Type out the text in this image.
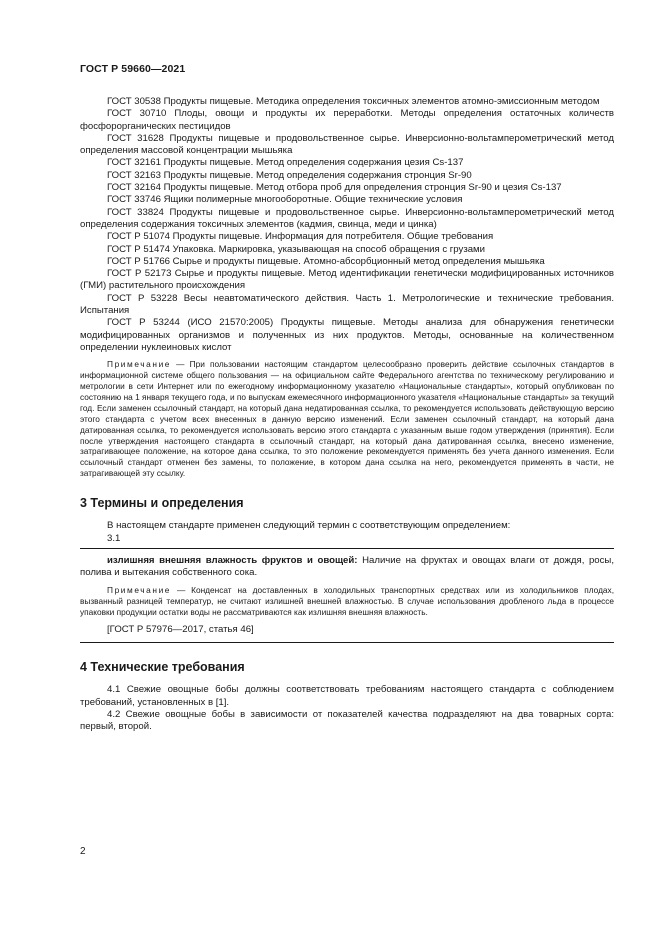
ГОСТ Р 59660—2021

ГОСТ 30538 Продукты пищевые. Методика определения токсичных элементов атомно-эмиссионным методом

ГОСТ 30710 Плоды, овощи и продукты их переработки. Методы определения остаточных количеств фосфорорганических пестицидов

ГОСТ 31628 Продукты пищевые и продовольственное сырье. Инверсионно-вольтамперометрический метод определения массовой концентрации мышьяка

ГОСТ 32161 Продукты пищевые. Метод определения содержания цезия Cs-137

ГОСТ 32163 Продукты пищевые. Метод определения содержания стронция Sr-90

ГОСТ 32164 Продукты пищевые. Метод отбора проб для определения стронция Sr-90 и цезия Cs-137

ГОСТ 33746 Ящики полимерные многооборотные. Общие технические условия

ГОСТ 33824 Продукты пищевые и продовольственное сырье. Инверсионно-вольтамперометрический метод определения содержания токсичных элементов (кадмия, свинца, меди и цинка)

ГОСТ Р 51074 Продукты пищевые. Информация для потребителя. Общие требования

ГОСТ Р 51474 Упаковка. Маркировка, указывающая на способ обращения с грузами

ГОСТ Р 51766 Сырье и продукты пищевые. Атомно-абсорбционный метод определения мышьяка

ГОСТ Р 52173 Сырье и продукты пищевые. Метод идентификации генетически модифицированных источников (ГМИ) растительного происхождения

ГОСТ Р 53228 Весы неавтоматического действия. Часть 1. Метрологические и технические требования. Испытания

ГОСТ Р 53244 (ИСО 21570:2005) Продукты пищевые. Методы анализа для обнаружения генетически модифицированных организмов и полученных из них продуктов. Методы, основанные на количественном определении нуклеиновых кислот

Примечание — При пользовании настоящим стандартом целесообразно проверить действие ссылочных стандартов в информационной системе общего пользования — на официальном сайте Федерального агентства по техническому регулированию и метрологии в сети Интернет или по ежегодному информационному указателю «Национальные стандарты», который опубликован по состоянию на 1 января текущего года, и по выпускам ежемесячного информационного указателя «Национальные стандарты» за текущий год. Если заменен ссылочный стандарт, на который дана недатированная ссылка, то рекомендуется использовать действующую версию этого стандарта с учетом всех внесенных в данную версию изменений. Если заменен ссылочный стандарт, на который дана датированная ссылка, то рекомендуется использовать версию этого стандарта с указанным выше годом утверждения (принятия). Если после утверждения настоящего стандарта в ссылочный стандарт, на который дана датированная ссылка, внесено изменение, затрагивающее положение, на которое дана ссылка, то это положение рекомендуется применять без учета данного изменения. Если ссылочный стандарт отменен без замены, то положение, в котором дана ссылка на него, рекомендуется применять в части, не затрагивающей эту ссылку.

3 Термины и определения

В настоящем стандарте применен следующий термин с соответствующим определением:

3.1

излишняя внешняя влажность фруктов и овощей: Наличие на фруктах и овощах влаги от дождя, росы, полива и вытекания собственного сока.

Примечание — Конденсат на доставленных в холодильных транспортных средствах или из холодильников плодах, вызванный разницей температур, не считают излишней внешней влажностью. В случае использования дробленого льда в процессе упаковки продукции остатки воды не рассматриваются как излишняя внешняя влажность.

[ГОСТ Р 57976—2017, статья 46]

4 Технические требования

4.1 Свежие овощные бобы должны соответствовать требованиям настоящего стандарта с соблюдением требований, установленных в [1].

4.2 Свежие овощные бобы в зависимости от показателей качества подразделяют на два товарных сорта: первый, второй.

2
